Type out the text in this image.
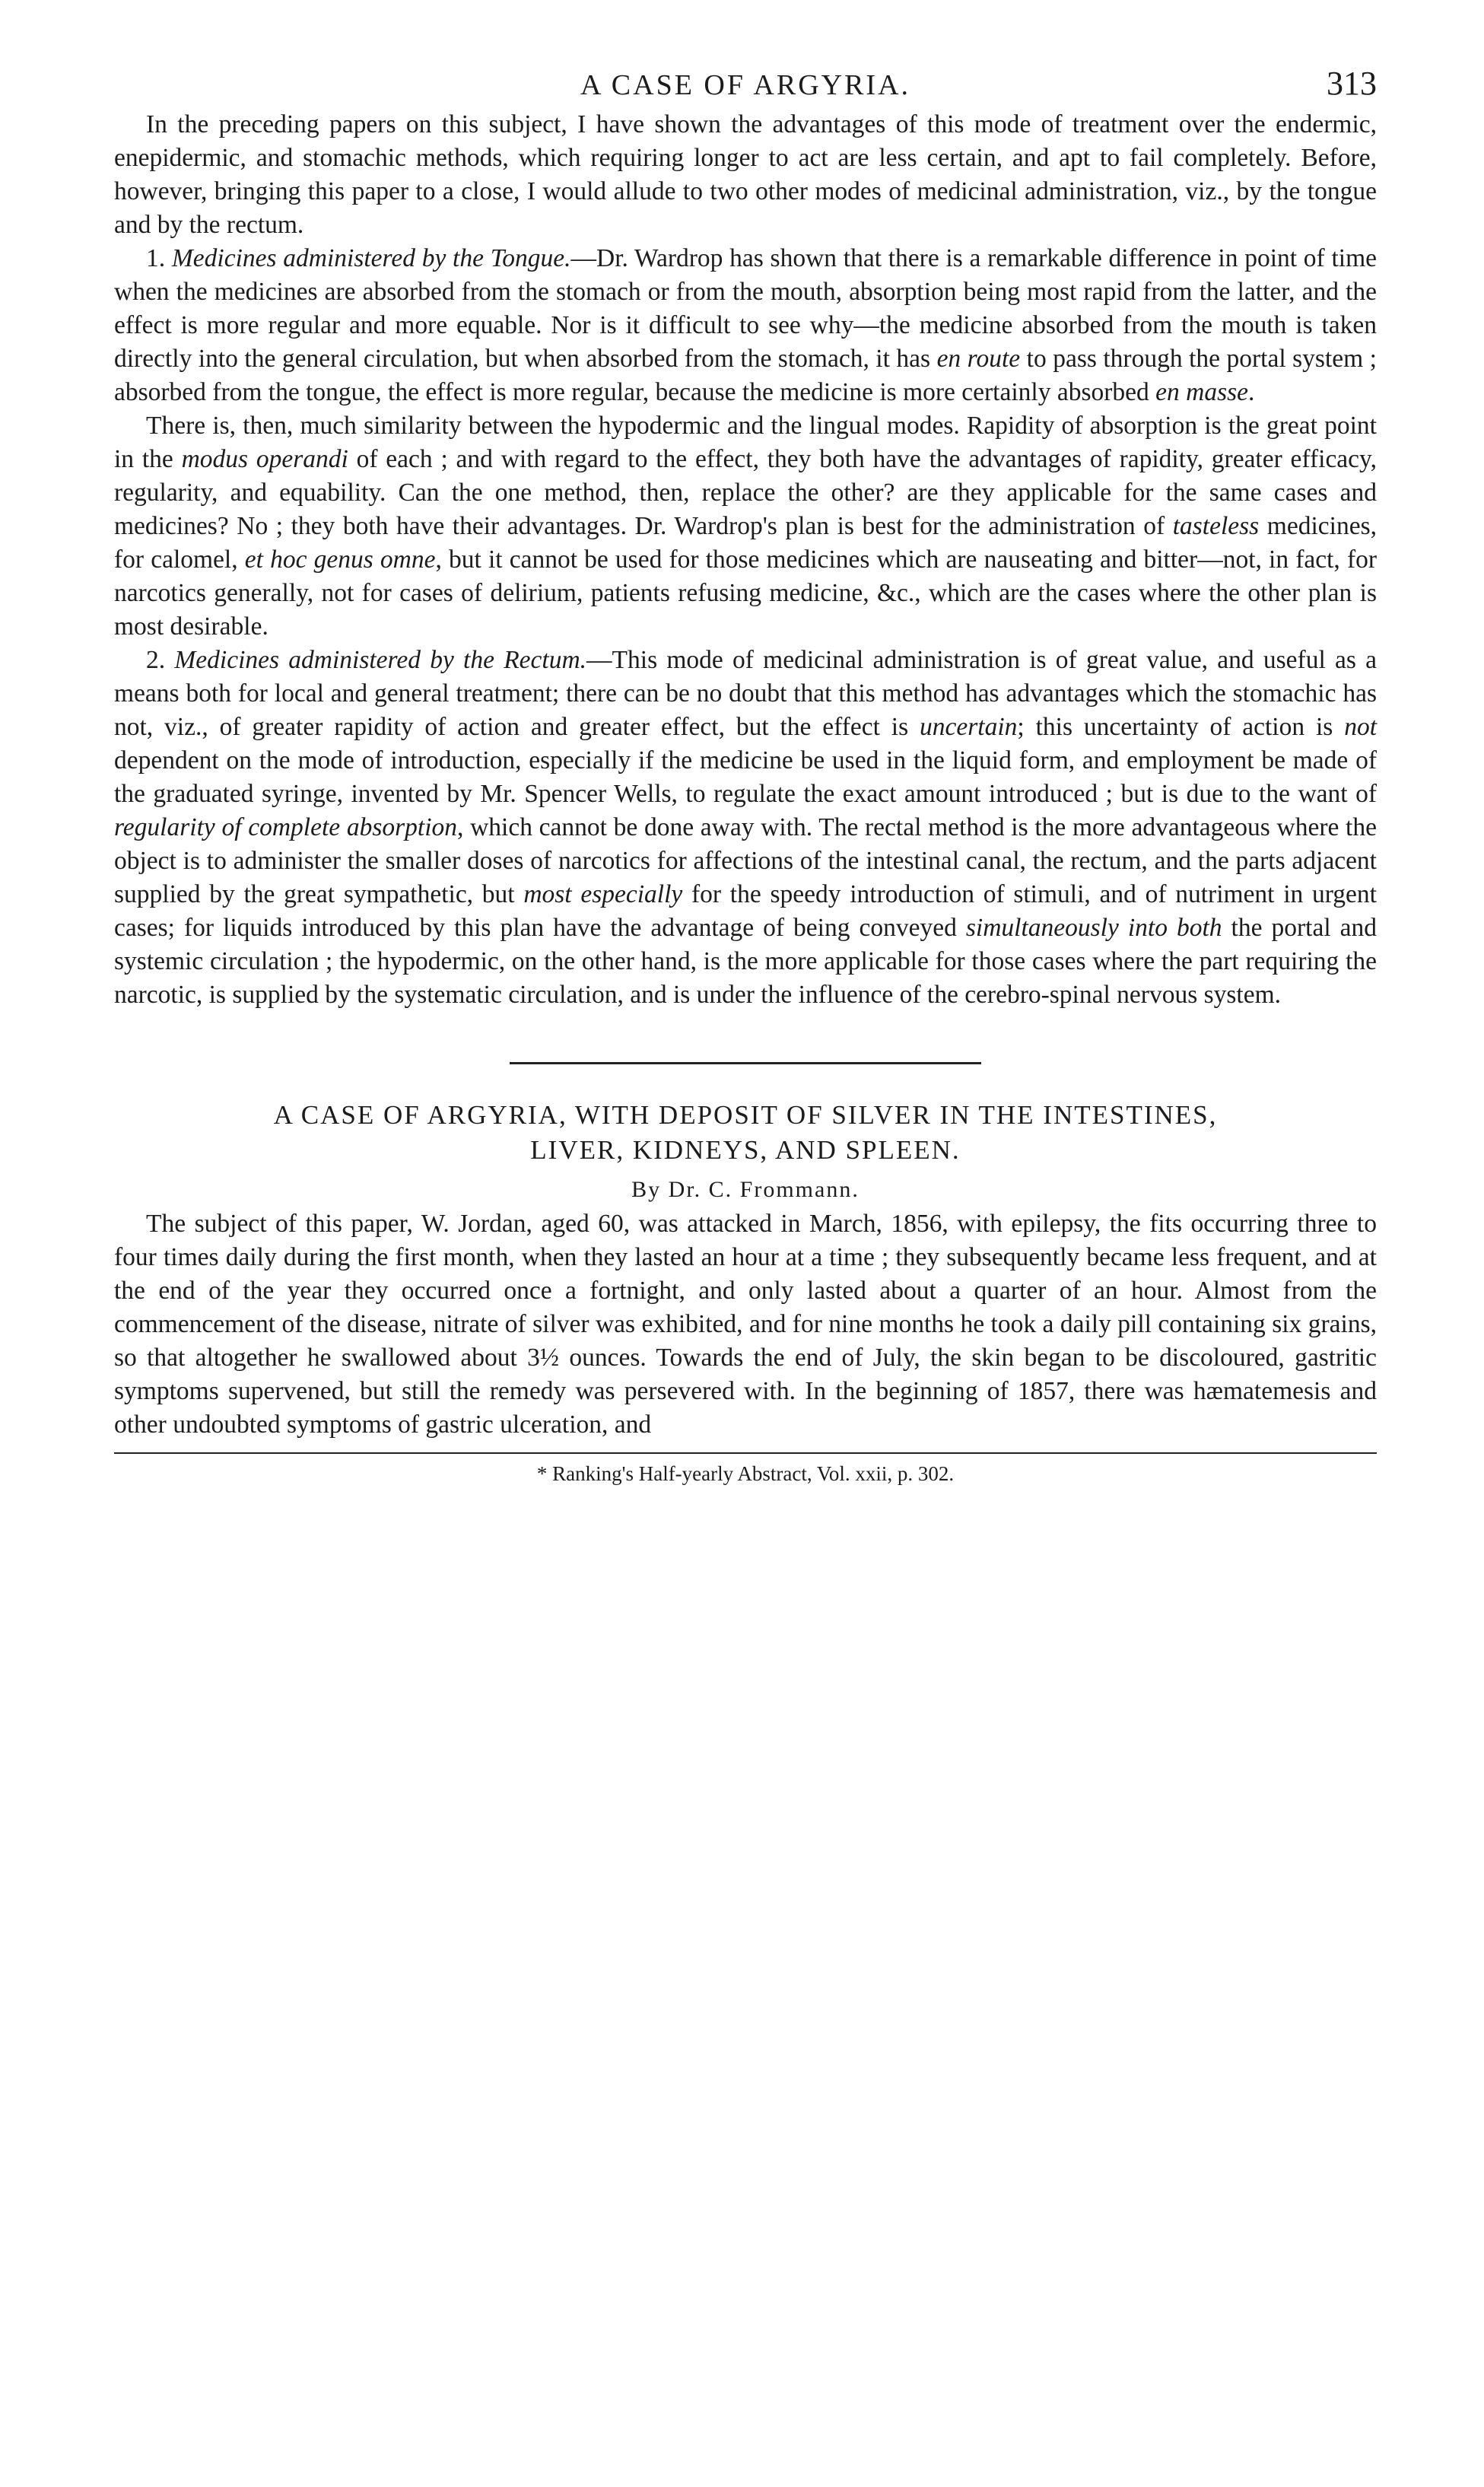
A CASE OF ARGYRIA.	313

In the preceding papers on this subject, I have shown the advantages of this mode of treatment over the endermic, enepidermic, and stomachic methods, which requiring longer to act are less certain, and apt to fail completely. Before, however, bringing this paper to a close, I would allude to two other modes of medicinal administration, viz., by the tongue and by the rectum.

1. Medicines administered by the Tongue.—Dr. Wardrop has shown that there is a remarkable difference in point of time when the medicines are absorbed from the stomach or from the mouth, absorption being most rapid from the latter, and the effect is more regular and more equable. Nor is it difficult to see why—the medicine absorbed from the mouth is taken directly into the general circulation, but when absorbed from the stomach, it has en route to pass through the portal system ; absorbed from the tongue, the effect is more regular, because the medicine is more certainly absorbed en masse.

There is, then, much similarity between the hypodermic and the lingual modes. Rapidity of absorption is the great point in the modus operandi of each ; and with regard to the effect, they both have the advantages of rapidity, greater efficacy, regularity, and equability. Can the one method, then, replace the other? are they applicable for the same cases and medicines? No ; they both have their advantages. Dr. Wardrop's plan is best for the administration of tasteless medicines, for calomel, et hoc genus omne, but it cannot be used for those medicines which are nauseating and bitter—not, in fact, for narcotics generally, not for cases of delirium, patients refusing medicine, &c., which are the cases where the other plan is most desirable.

2. Medicines administered by the Rectum.—This mode of medicinal administration is of great value, and useful as a means both for local and general treatment; there can be no doubt that this method has advantages which the stomachic has not, viz., of greater rapidity of action and greater effect, but the effect is uncertain; this uncertainty of action is not dependent on the mode of introduction, especially if the medicine be used in the liquid form, and employment be made of the graduated syringe, invented by Mr. Spencer Wells, to regulate the exact amount introduced ; but is due to the want of regularity of complete absorption, which cannot be done away with. The rectal method is the more advantageous where the object is to administer the smaller doses of narcotics for affections of the intestinal canal, the rectum, and the parts adjacent supplied by the great sympathetic, but most especially for the speedy introduction of stimuli, and of nutriment in urgent cases; for liquids introduced by this plan have the advantage of being conveyed simultaneously into both the portal and systemic circulation ; the hypodermic, on the other hand, is the more applicable for those cases where the part requiring the narcotic, is supplied by the systematic circulation, and is under the influence of the cerebro-spinal nervous system.

A CASE OF ARGYRIA, WITH DEPOSIT OF SILVER IN THE INTESTINES,

LIVER, KIDNEYS, AND SPLEEN.

By Dr. C. Frommann.

The subject of this paper, W. Jordan, aged 60, was attacked in March, 1856, with epilepsy, the fits occurring three to four times daily during the first month, when they lasted an hour at a time ; they subsequently became less frequent, and at the end of the year they occurred once a fortnight, and only lasted about a quarter of an hour. Almost from the commencement of the disease, nitrate of silver was exhibited, and for nine months he took a daily pill containing six grains, so that altogether he swallowed about 3½ ounces. Towards the end of July, the skin began to be discoloured, gastritic symptoms supervened, but still the remedy was persevered with. In the beginning of 1857, there was hæmatemesis and other undoubted symptoms of gastric ulceration, and

* Ranking's Half-yearly Abstract, Vol. xxii, p. 302.
